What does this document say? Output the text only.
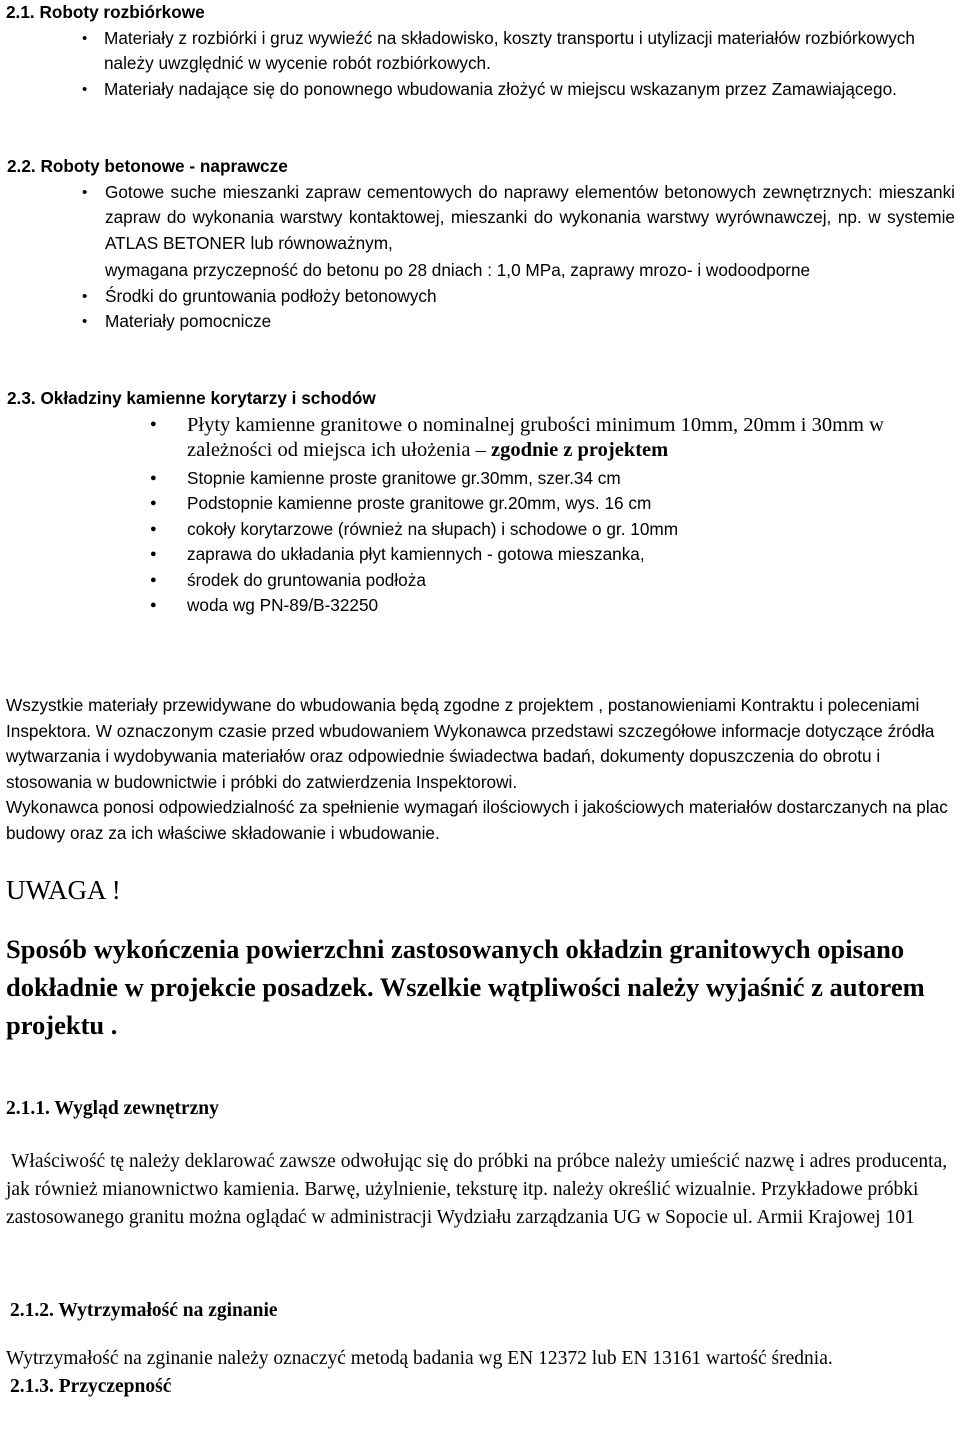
2.1. Roboty rozbiórkowe
• Materiały z rozbiórki i gruz wywieźć na składowisko, koszty transportu i utylizacji materiałów rozbiórkowych należy uwzględnić w wycenie robót rozbiórkowych.
• Materiały nadające się do ponownego wbudowania złożyć w miejscu wskazanym przez Zamawiającego.
2.2. Roboty betonowe - naprawcze

• Gotowe suche mieszanki zapraw cementowych do naprawy elementów betonowych zewnętrznych: mieszanki zapraw do wykonania warstwy kontaktowej, mieszanki do wykonania warstwy wyrównawczej, np. w systemie ATLAS BETONER lub równoważnym,

wymagana przyczepność do betonu po 28 dniach : 1,0 MPa, zaprawy mrozo- i wodoodporne

• Środki do gruntowania podłoży betonowych
• Materiały pomocnicze
2.3. Okładziny kamienne korytarzy i schodów
● Płyty kamienne granitowe o nominalnej grubości minimum 10mm, 20mm i 30mm w zależności od miejsca ich ułożenia – zgodnie z projektem
● Stopnie kamienne proste granitowe gr.30mm, szer.34 cm
● Podstopnie kamienne proste granitowe gr.20mm, wys. 16 cm
● cokoły korytarzowe (również na słupach) i schodowe o gr. 10mm
● zaprawa do układania płyt kamiennych - gotowa mieszanka,
● środek do gruntowania podłoża
● woda wg PN-89/B-32250

Wszystkie materiały przewidywane do wbudowania będą zgodne z projektem , postanowieniami Kontraktu i poleceniami Inspektora. W oznaczonym czasie przed wbudowaniem Wykonawca przedstawi szczegółowe informacje dotyczące źródła wytwarzania i wydobywania materiałów oraz odpowiednie świadectwa badań, dokumenty dopuszczenia do obrotu i stosowania w budownictwie i próbki do zatwierdzenia Inspektorowi.

Wykonawca ponosi odpowiedzialność za spełnienie wymagań ilościowych i jakościowych materiałów dostarczanych na plac budowy oraz za ich właściwe składowanie i wbudowanie.

UWAGA !
Sposób wykończenia powierzchni zastosowanych okładzin granitowych opisano dokładnie w projekcie posadzek. Wszelkie wątpliwości należy wyjaśnić z autorem projektu .
2.1.1. Wygląd zewnętrzny
Właściwość tę należy deklarować zawsze odwołując się do próbki na próbce należy umieścić nazwę i adres producenta, jak również mianownictwo kamienia. Barwę, użylnienie, teksturę itp. należy określić wizualnie. Przykładowe próbki zastosowanego granitu można oglądać w administracji Wydziału zarządzania UG w Sopocie ul. Armii Krajowej 101
2.1.2. Wytrzymałość na zginanie
Wytrzymałość na zginanie należy oznaczyć metodą badania wg EN 12372 lub EN 13161 wartość średnia.
2.1.3. Przyczepność
